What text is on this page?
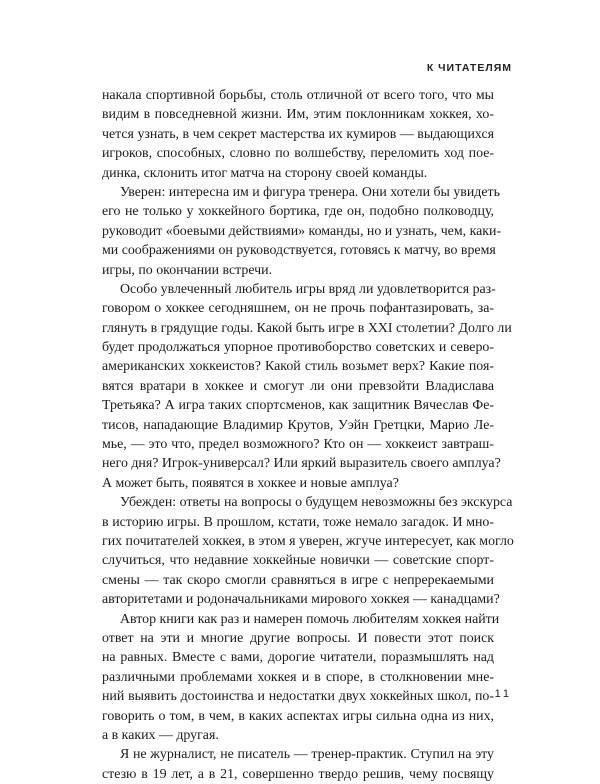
К ЧИТАТЕЛЯМ
накала спортивной борьбы, столь отличной от всего того, что мы
видим в повседневной жизни. Им, этим поклонникам хоккея, хо-
чется узнать, в чем секрет мастерства их кумиров — выдающихся
игроков, способных, словно по волшебству, переломить ход пое-
динка, склонить итог матча на сторону своей команды.
Уверен: интересна им и фигура тренера. Они хотели бы увидеть
его не только у хоккейного бортика, где он, подобно полководцу,
руководит «боевыми действиями» команды, но и узнать, чем, каки-
ми соображениями он руководствуется, готовясь к матчу, во время
игры, по окончании встречи.
Особо увлеченный любитель игры вряд ли удовлетворится раз-
говором о хоккее сегодняшнем, он не прочь пофантазировать, за-
глянуть в грядущие годы. Какой быть игре в XXI столетии? Долго ли
будет продолжаться упорное противоборство советских и северо-
американских хоккеистов? Какой стиль возьмет верх? Какие поя-
вятся вратари в хоккее и смогут ли они превзойти Владислава
Третьяка? А игра таких спортсменов, как защитник Вячеслав Фе-
тисов, нападающие Владимир Крутов, Уэйн Гретцки, Марио Ле-
мье, — это что, предел возможного? Кто он — хоккеист завтраш-
него дня? Игрок-универсал? Или яркий выразитель своего амплуа?
А может быть, появятся в хоккее и новые амплуа?
Убежден: ответы на вопросы о будущем невозможны без экскурса
в историю игры. В прошлом, кстати, тоже немало загадок. И мно-
гих почитателей хоккея, в этом я уверен, жгуче интересует, как могло
случиться, что недавние хоккейные новички — советские спорт-
смены — так скоро смогли сравняться в игре с непререкаемыми
авторитетами и родоначальниками мирового хоккея — канадцами?
Автор книги как раз и намерен помочь любителям хоккея найти
ответ на эти и многие другие вопросы. И повести этот поиск
на равных. Вместе с вами, дорогие читатели, поразмышлять над
различными проблемами хоккея и в споре, в столкновении мне-
ний выявить достоинства и недостатки двух хоккейных школ, по-
говорить о том, в чем, в каких аспектах игры сильна одна из них,
а в каких — другая.
Я не журналист, не писатель — тренер-практик. Ступил на эту
стезю в 19 лет, а в 21, совершенно твердо решив, чему посвящу
11
